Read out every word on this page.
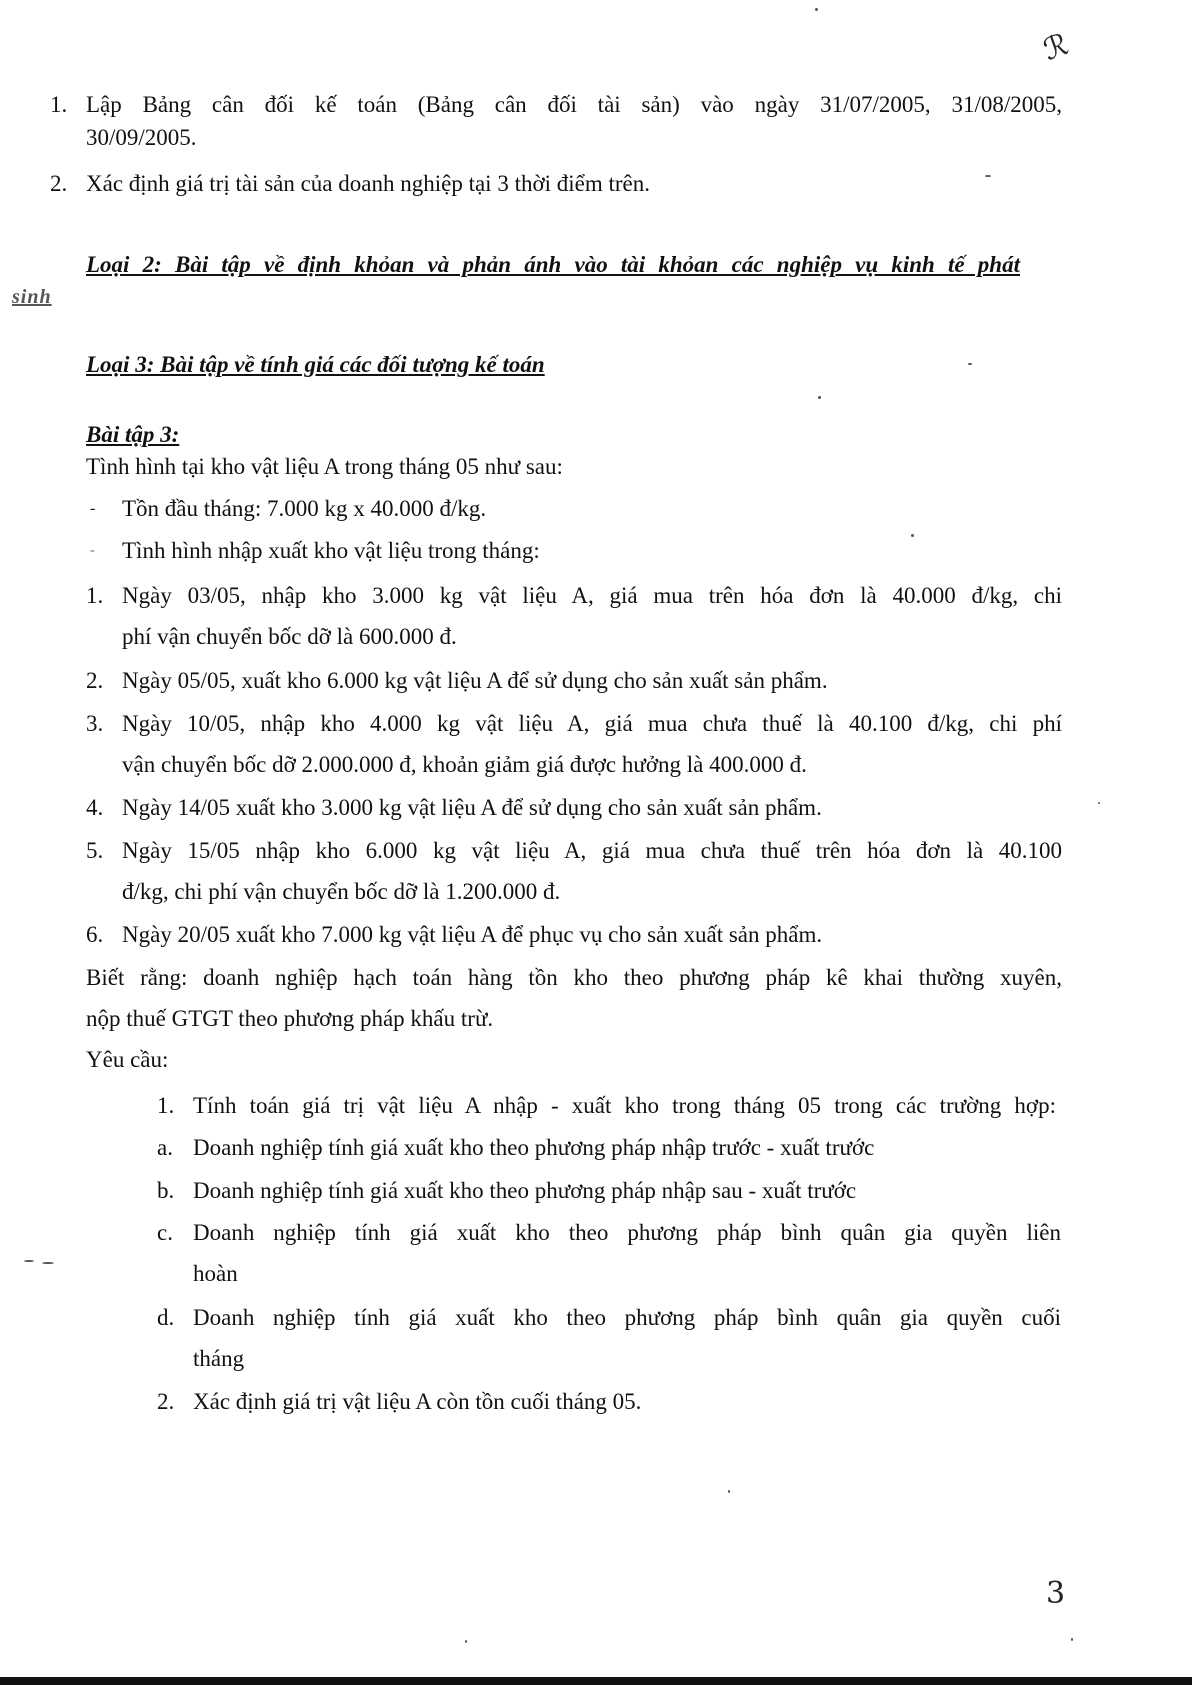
ℛ
1. Lập Bảng cân đối kế toán (Bảng cân đối tài sản) vào ngày 31/07/2005, 31/08/2005,
30/09/2005.
2. Xác định giá trị tài sản của doanh nghiệp tại 3 thời điểm trên.
Loại 2: Bài tập về định khỏan và phản ánh vào tài khỏan các nghiệp vụ kinh tế phát
sinh
Loại 3: Bài tập về tính giá các đối tượng kế toán
Bài tập 3:
Tình hình tại kho vật liệu A trong tháng 05 như sau:
- Tồn đầu tháng: 7.000 kg x 40.000 đ/kg.
- Tình hình nhập xuất kho vật liệu trong tháng:
1. Ngày 03/05, nhập kho 3.000 kg vật liệu A, giá mua trên hóa đơn là 40.000 đ/kg, chi
phí vận chuyển bốc dỡ là 600.000 đ.
2. Ngày 05/05, xuất kho 6.000 kg vật liệu A để sử dụng cho sản xuất sản phẩm.
3. Ngày 10/05, nhập kho 4.000 kg vật liệu A, giá mua chưa thuế là 40.100 đ/kg, chi phí
vận chuyển bốc dỡ 2.000.000 đ, khoản giảm giá được hưởng là 400.000 đ.
4. Ngày 14/05 xuất kho 3.000 kg vật liệu A để sử dụng cho sản xuất sản phẩm.
5. Ngày 15/05 nhập kho 6.000 kg vật liệu A, giá mua chưa thuế trên hóa đơn là 40.100
đ/kg, chi phí vận chuyển bốc dỡ là 1.200.000 đ.
6. Ngày 20/05 xuất kho 7.000 kg vật liệu A để phục vụ cho sản xuất sản phẩm.
Biết rằng: doanh nghiệp hạch toán hàng tồn kho theo phương pháp kê khai thường xuyên,
nộp thuế GTGT theo phương pháp khấu trừ.
Yêu cầu:
1. Tính toán giá trị vật liệu A nhập - xuất kho trong tháng 05 trong các trường hợp:
a. Doanh nghiệp tính giá xuất kho theo phương pháp nhập trước - xuất trước
b. Doanh nghiệp tính giá xuất kho theo phương pháp nhập sau - xuất trước
c. Doanh nghiệp tính giá xuất kho theo phương pháp bình quân gia quyền liên
hoàn
d. Doanh nghiệp tính giá xuất kho theo phương pháp bình quân gia quyền cuối
tháng
2. Xác định giá trị vật liệu A còn tồn cuối tháng 05.
3
